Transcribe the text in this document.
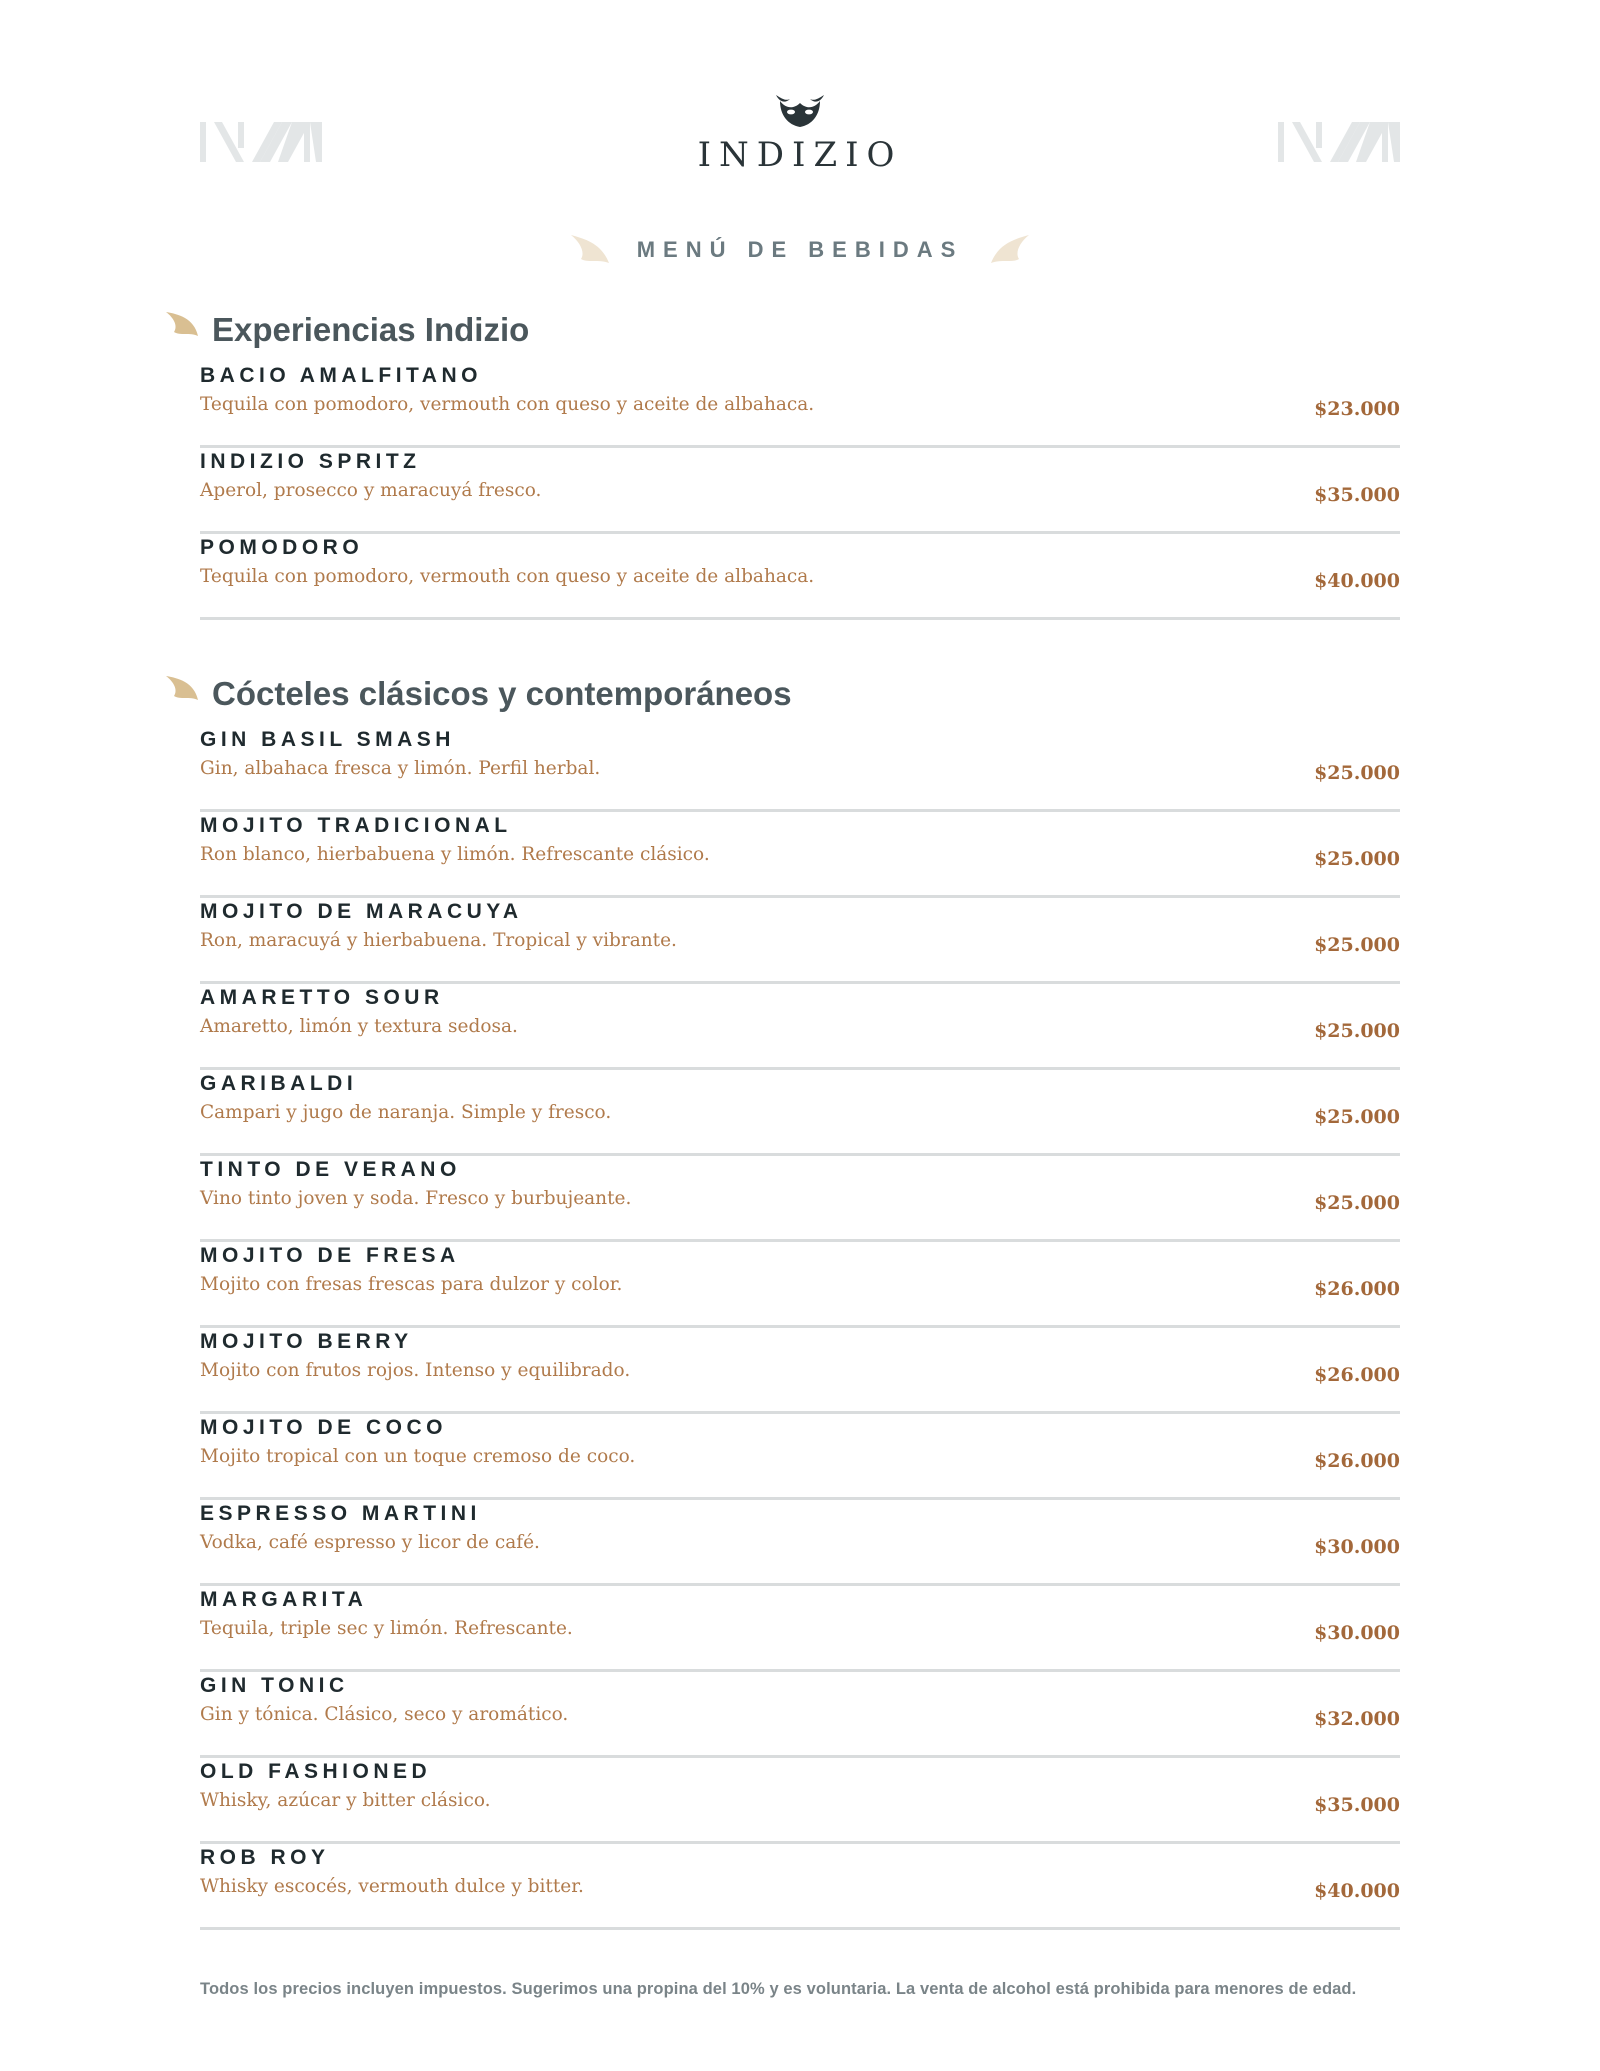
INDIZIO
MENÚ DE BEBIDAS
Experiencias Indizio
BACIO AMALFITANO
Tequila con pomodoro, vermouth con queso y aceite de albahaca.	$23.000
INDIZIO SPRITZ
Aperol, prosecco y maracuyá fresco.	$35.000
POMODORO
Tequila con pomodoro, vermouth con queso y aceite de albahaca.	$40.000
Cócteles clásicos y contemporáneos
GIN BASIL SMASH
Gin, albahaca fresca y limón. Perfil herbal.	$25.000
MOJITO TRADICIONAL
Ron blanco, hierbabuena y limón. Refrescante clásico.	$25.000
MOJITO DE MARACUYA
Ron, maracuyá y hierbabuena. Tropical y vibrante.	$25.000
AMARETTO SOUR
Amaretto, limón y textura sedosa.	$25.000
GARIBALDI
Campari y jugo de naranja. Simple y fresco.	$25.000
TINTO DE VERANO
Vino tinto joven y soda. Fresco y burbujeante.	$25.000
MOJITO DE FRESA
Mojito con fresas frescas para dulzor y color.	$26.000
MOJITO BERRY
Mojito con frutos rojos. Intenso y equilibrado.	$26.000
MOJITO DE COCO
Mojito tropical con un toque cremoso de coco.	$26.000
ESPRESSO MARTINI
Vodka, café espresso y licor de café.	$30.000
MARGARITA
Tequila, triple sec y limón. Refrescante.	$30.000
GIN TONIC
Gin y tónica. Clásico, seco y aromático.	$32.000
OLD FASHIONED
Whisky, azúcar y bitter clásico.	$35.000
ROB ROY
Whisky escocés, vermouth dulce y bitter.	$40.000
Todos los precios incluyen impuestos. Sugerimos una propina del 10% y es voluntaria. La venta de alcohol está prohibida para menores de edad.
